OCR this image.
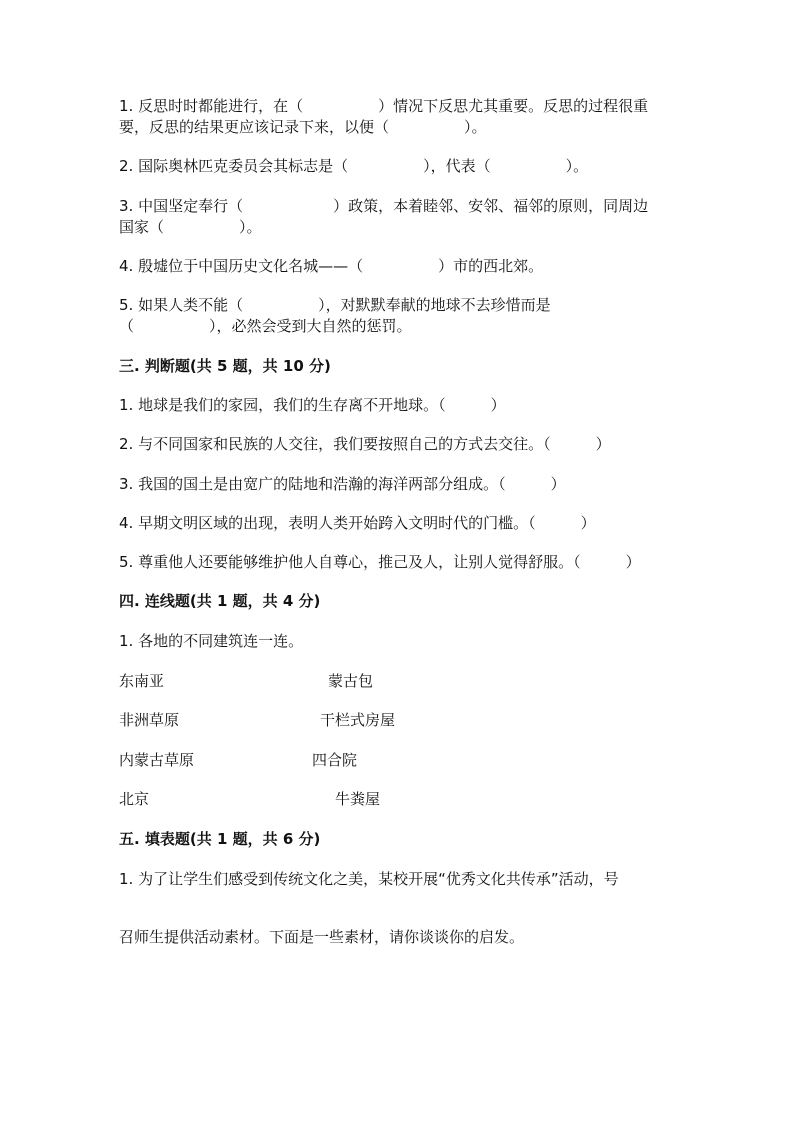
1. 反思时时都能进行，在（　　　　　）情况下反思尤其重要。反思的过程很重
要，反思的结果更应该记录下来，以便（　　　　　）。
2. 国际奥林匹克委员会其标志是（　　　　　），代表（　　　　　）。
3. 中国坚定奉行（　　　　　　）政策，本着睦邻、安邻、福邻的原则，同周边
国家（　　　　　）。
4. 殷墟位于中国历史文化名城——（　　　　　）市的西北郊。
5. 如果人类不能（　　　　　），对默默奉献的地球不去珍惜而是
（　　　　　），必然会受到大自然的惩罚。
三. 判断题(共 5 题，共 10 分)
1. 地球是我们的家园，我们的生存离不开地球。（　　　）
2. 与不同国家和民族的人交往，我们要按照自己的方式去交往。（　　　）
3. 我国的国土是由宽广的陆地和浩瀚的海洋两部分组成。（　　　）
4. 早期文明区域的出现，表明人类开始跨入文明时代的门槛。（　　　）
5. 尊重他人还要能够维护他人自尊心，推己及人，让别人觉得舒服。（　　　）
四. 连线题(共 1 题，共 4 分)
1. 各地的不同建筑连一连。
东南亚	蒙古包
非洲草原	干栏式房屋
内蒙古草原	四合院
北京	牛粪屋
五. 填表题(共 1 题，共 6 分)
1. 为了让学生们感受到传统文化之美，某校开展“优秀文化共传承”活动，号
召师生提供活动素材。下面是一些素材，请你谈谈你的启发。
